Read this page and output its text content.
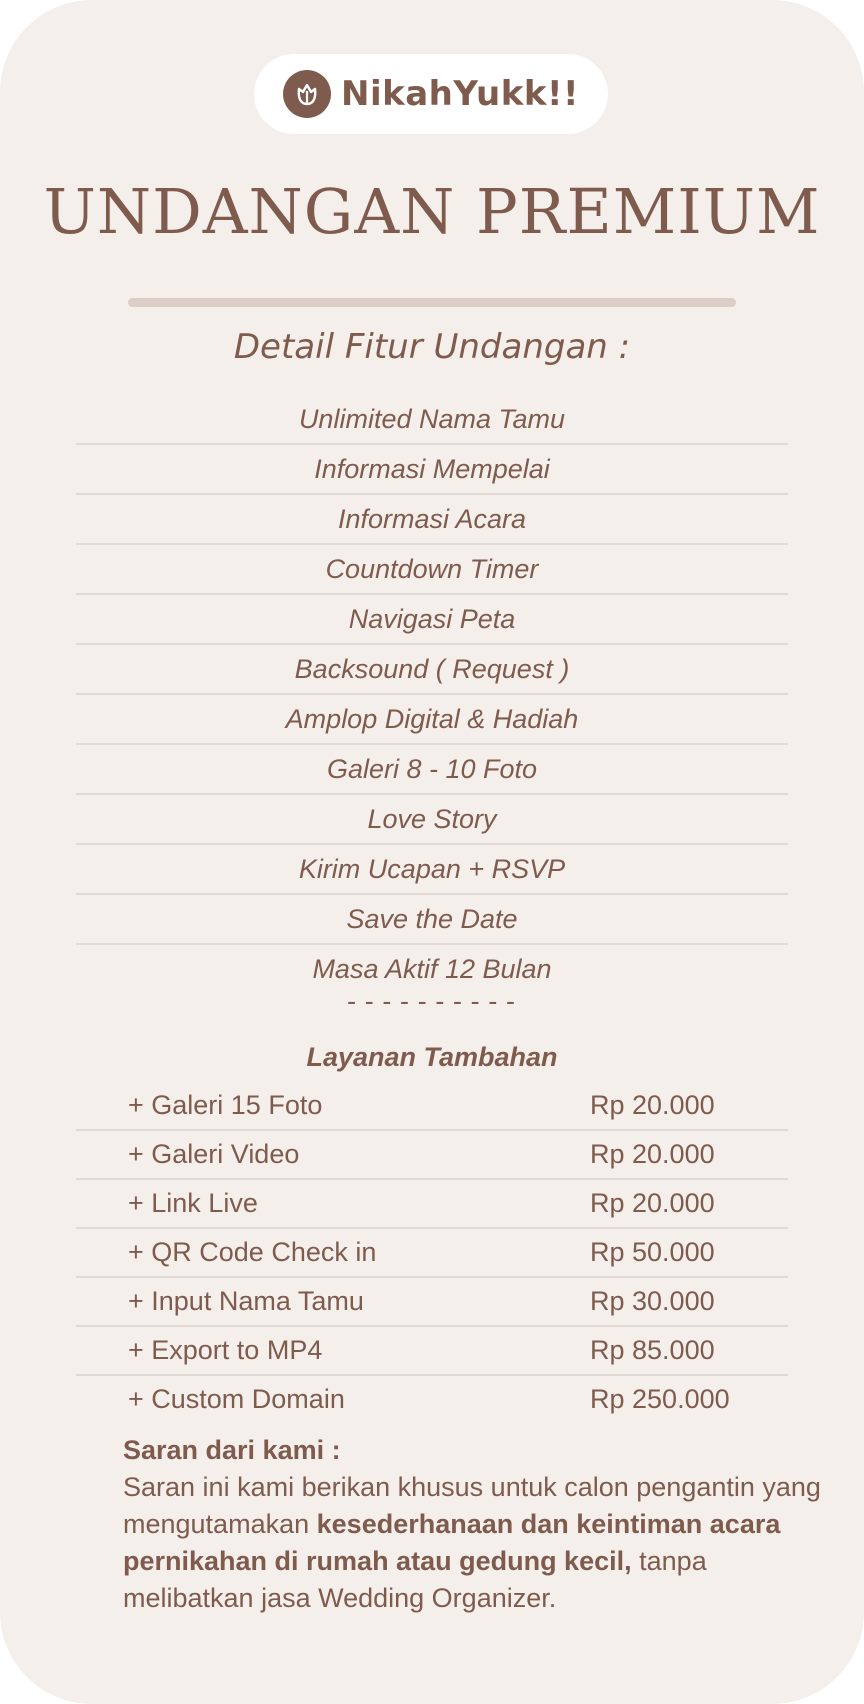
NikahYukk!!
UNDANGAN PREMIUM
Detail Fitur Undangan :
Unlimited Nama Tamu
Informasi Mempelai
Informasi Acara
Countdown Timer
Navigasi Peta
Backsound ( Request )
Amplop Digital & Hadiah
Galeri 8 - 10 Foto
Love Story
Kirim Ucapan + RSVP
Save the Date
Masa Aktif 12 Bulan
----------
Layanan Tambahan
+ Galeri 15 Foto	Rp 20.000
+ Galeri Video	Rp 20.000
+ Link Live	Rp 20.000
+ QR Code Check in	Rp 50.000
+ Input Nama Tamu	Rp 30.000
+ Export to MP4	Rp 85.000
+ Custom Domain	Rp 250.000
Saran dari kami :
Saran ini kami berikan khusus untuk calon pengantin yang mengutamakan kesederhanaan dan keintiman acara pernikahan di rumah atau gedung kecil, tanpa melibatkan jasa Wedding Organizer.
